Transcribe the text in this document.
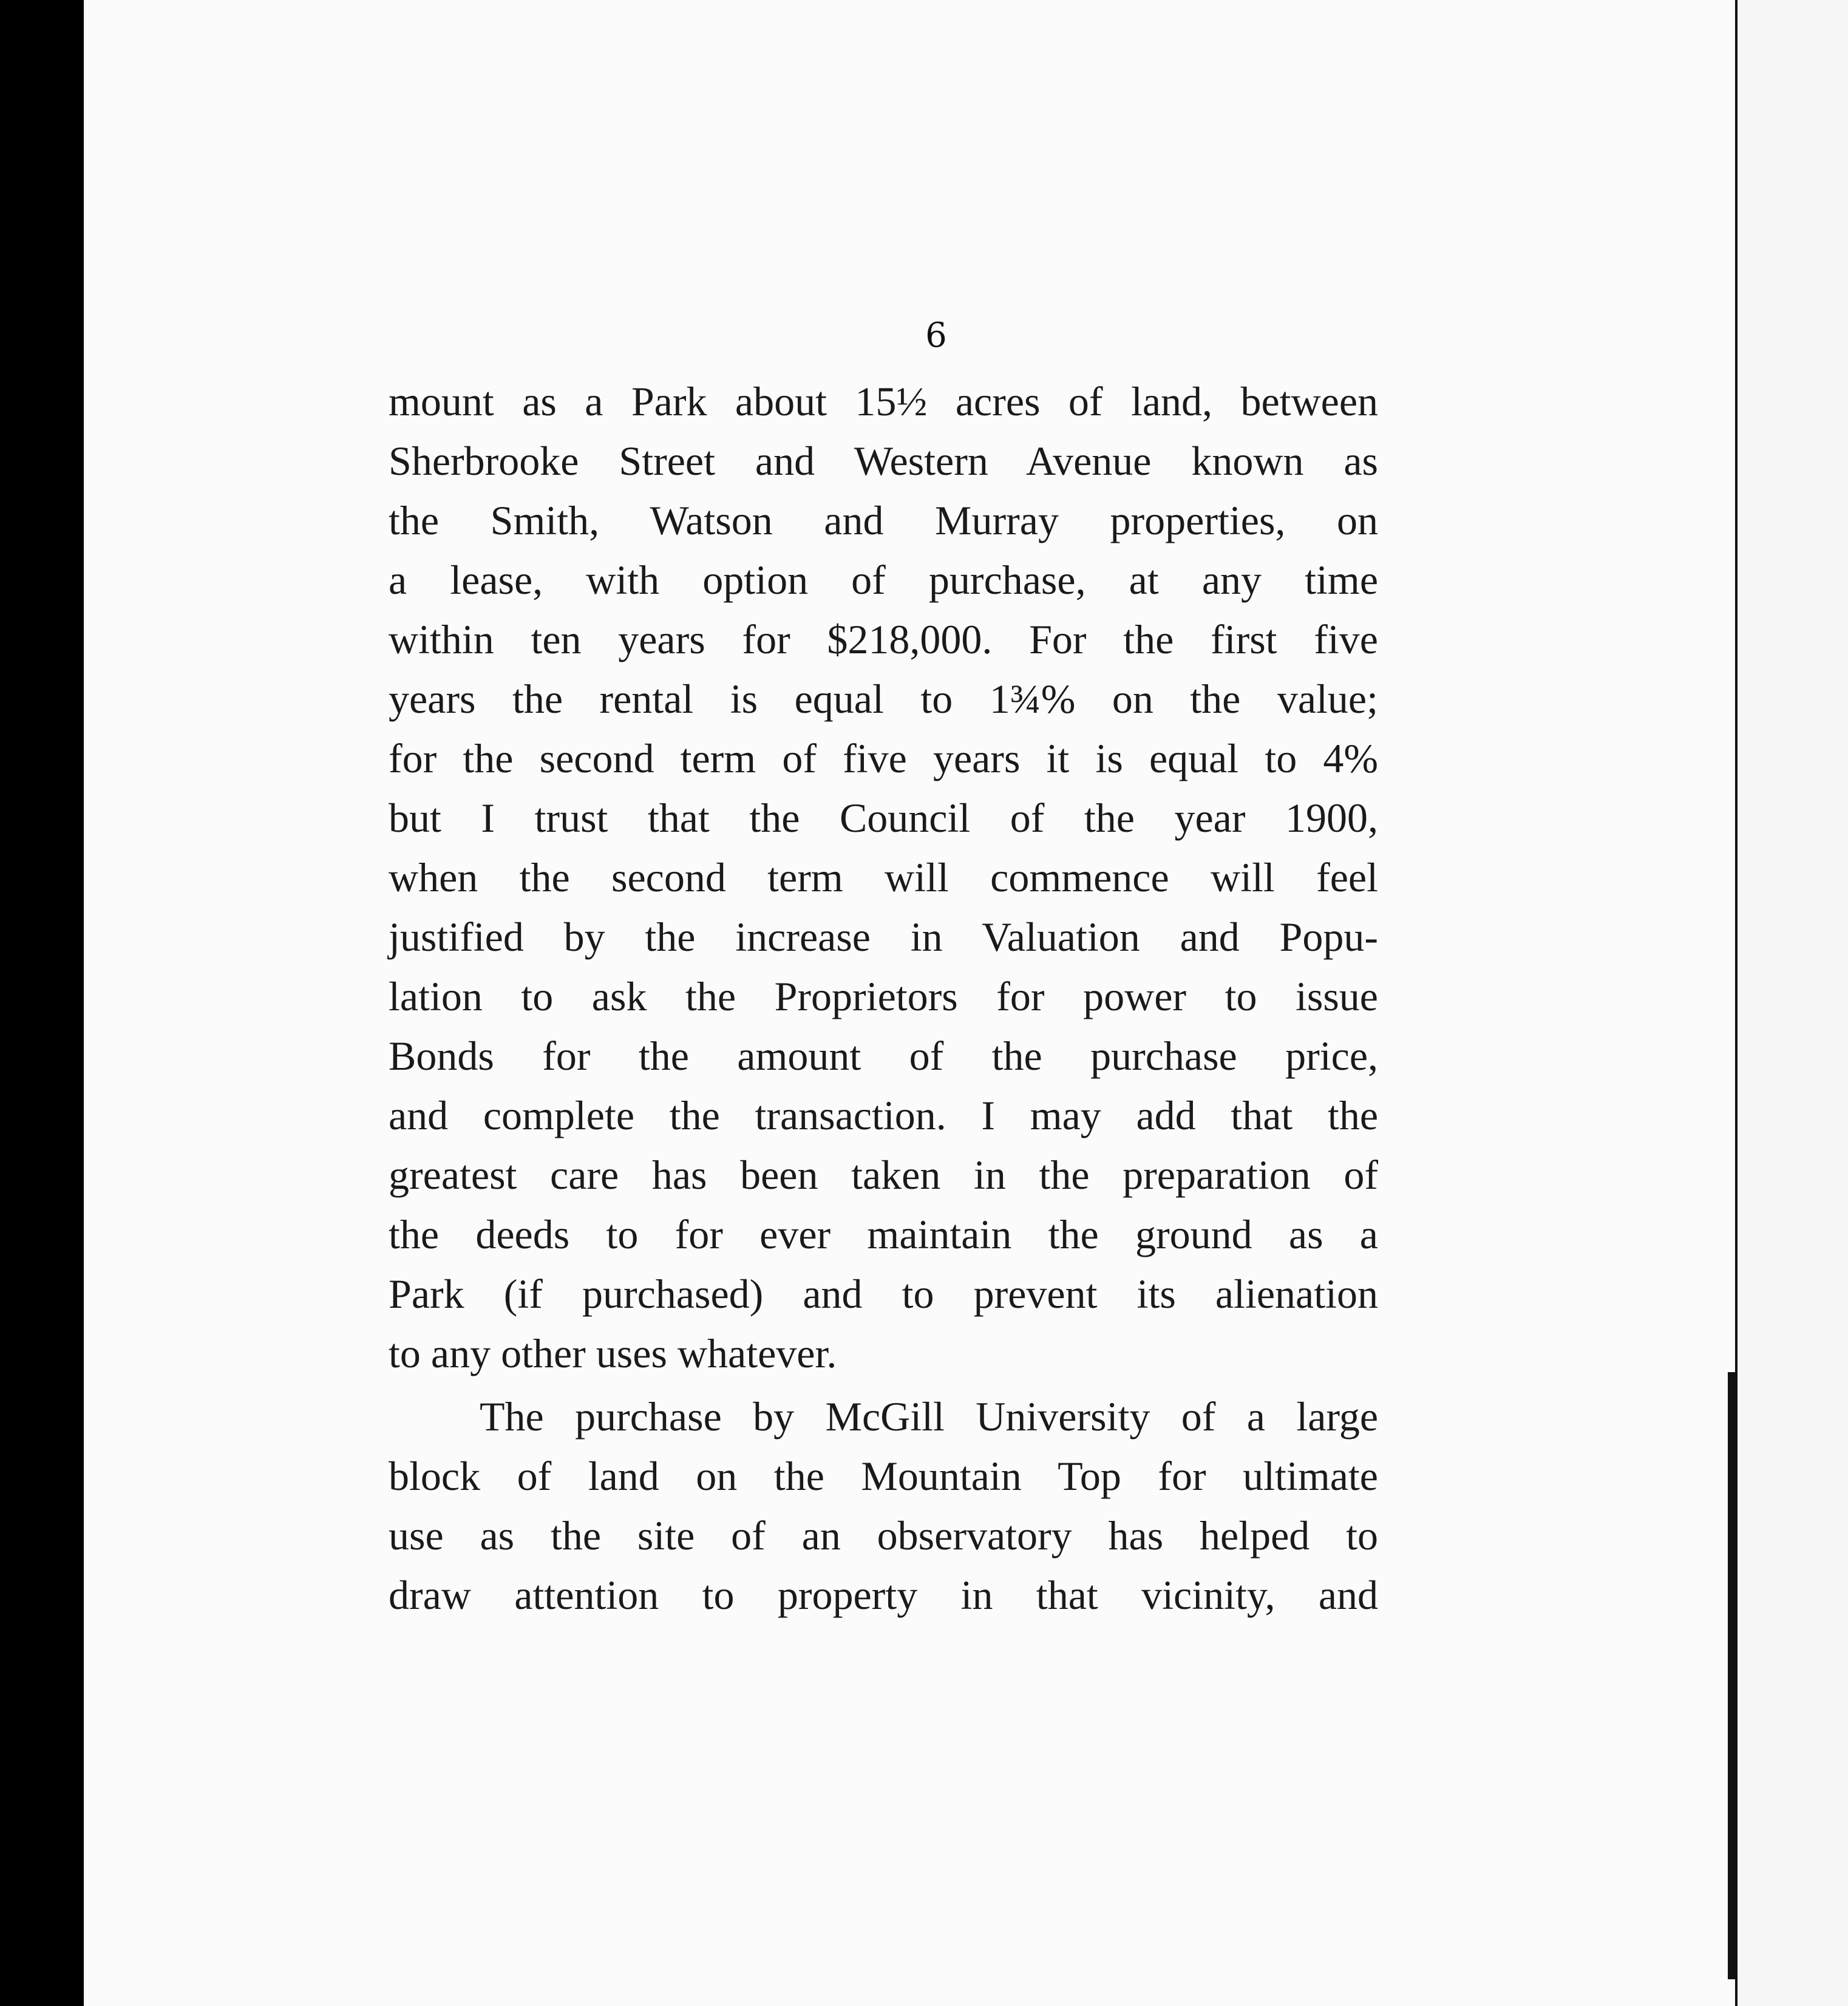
6
mount as a Park about 15½ acres of land, between
Sherbrooke Street and Western Avenue known as
the Smith, Watson and Murray properties, on
a lease, with option of purchase, at any time
within ten years for $218,000. For the first five
years the rental is equal to 1¾% on the value;
for the second term of five years it is equal to 4%
but I trust that the Council of the year 1900,
when the second term will commence will feel
justified by the increase in Valuation and Popu-
lation to ask the Proprietors for power to issue
Bonds for the amount of the purchase price,
and complete the transaction. I may add that the
greatest care has been taken in the preparation of
the deeds to for ever maintain the ground as a
Park (if purchased) and to prevent its alienation
to any other uses whatever.
The purchase by McGill University of a large
block of land on the Mountain Top for ultimate
use as the site of an observatory has helped to
draw attention to property in that vicinity, and
